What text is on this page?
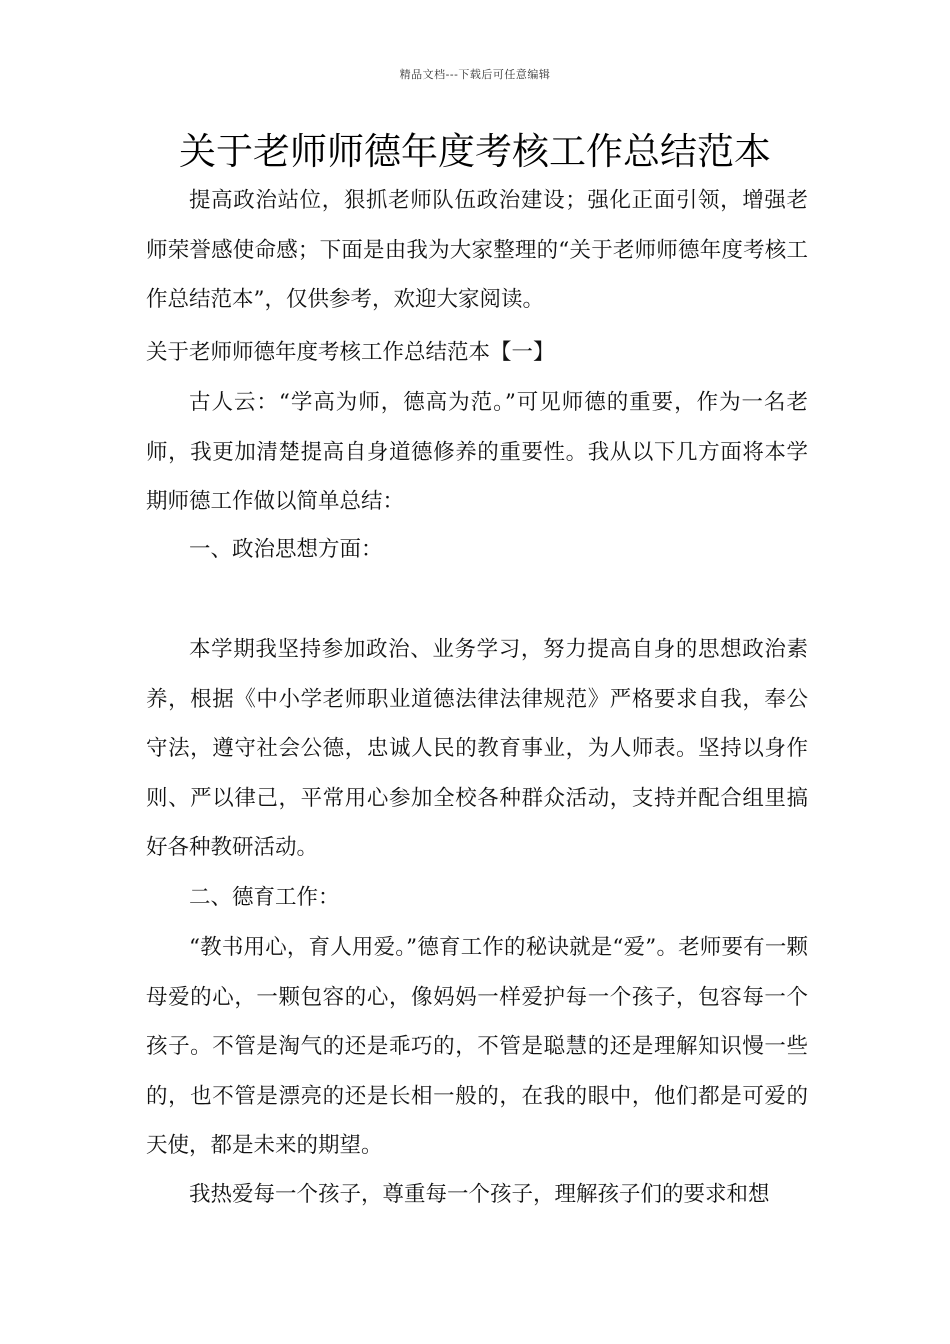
精品文档---下载后可任意编辑
关于老师师德年度考核工作总结范本

提高政治站位，狠抓老师队伍政治建设；强化正面引领，增强老师荣誉感使命感；下面是由我为大家整理的“关于老师师德年度考核工作总结范本”，仅供参考，欢迎大家阅读。

关于老师师德年度考核工作总结范本【一】

古人云：“学高为师，德高为范。”可见师德的重要，作为一名老师，我更加清楚提高自身道德修养的重要性。我从以下几方面将本学期师德工作做以简单总结：

一、政治思想方面：

本学期我坚持参加政治、业务学习，努力提高自身的思想政治素养，根据《中小学老师职业道德法律法律规范》严格要求自我，奉公守法，遵守社会公德，忠诚人民的教育事业，为人师表。坚持以身作则、严以律己，平常用心参加全校各种群众活动，支持并配合组里搞好各种教研活动。

二、德育工作：

“教书用心，育人用爱。”德育工作的秘诀就是“爱”。老师要有一颗母爱的心，一颗包容的心，像妈妈一样爱护每一个孩子，包容每一个孩子。不管是淘气的还是乖巧的，不管是聪慧的还是理解知识慢一些的，也不管是漂亮的还是长相一般的，在我的眼中，他们都是可爱的天使，都是未来的期望。

我热爱每一个孩子，尊重每一个孩子，理解孩子们的要求和想
